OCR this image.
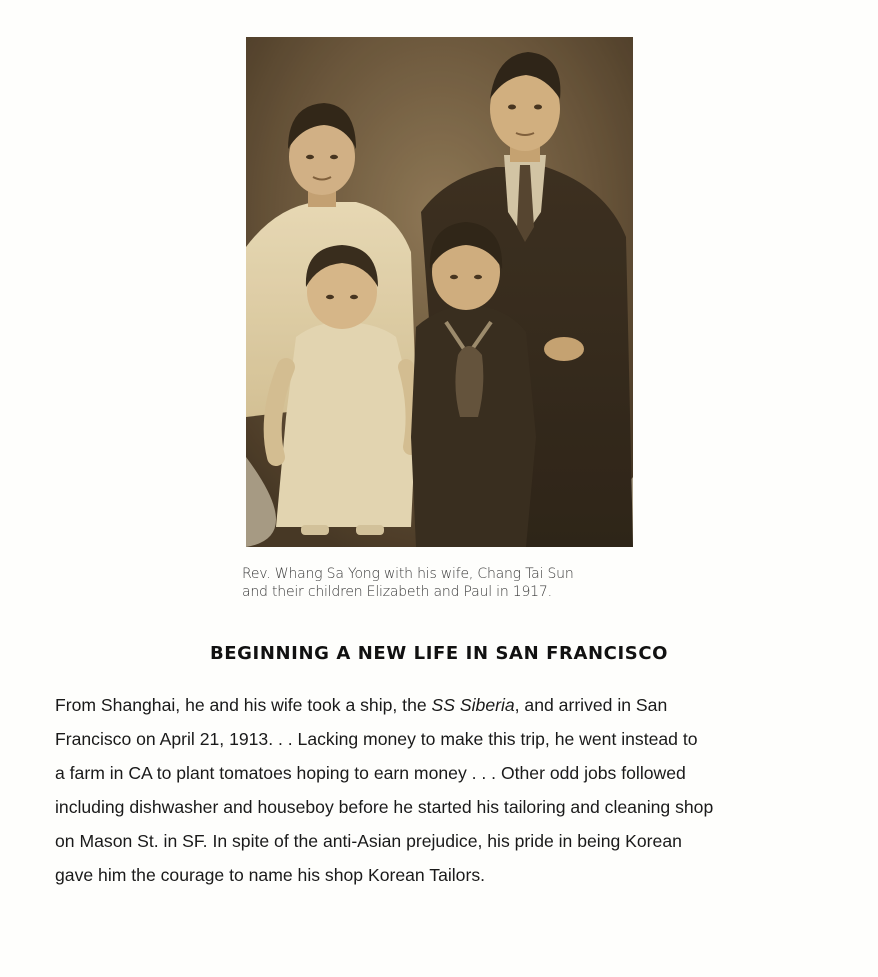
Rev. Whang Sa Yong with his wife, Chang Tai Sun
and their children Elizabeth and Paul in 1917.
BEGINNING A NEW LIFE IN SAN FRANCISCO
From Shanghai, he and his wife took a ship, the SS Siberia, and arrived in San
Francisco on April 21, 1913. . . Lacking money to make this trip, he went instead to
a farm in CA to plant tomatoes hoping to earn money . . . Other odd jobs followed
including dishwasher and houseboy before he started his tailoring and cleaning shop
on Mason St. in SF. In spite of the anti-Asian prejudice, his pride in being Korean
gave him the courage to name his shop Korean Tailors.
